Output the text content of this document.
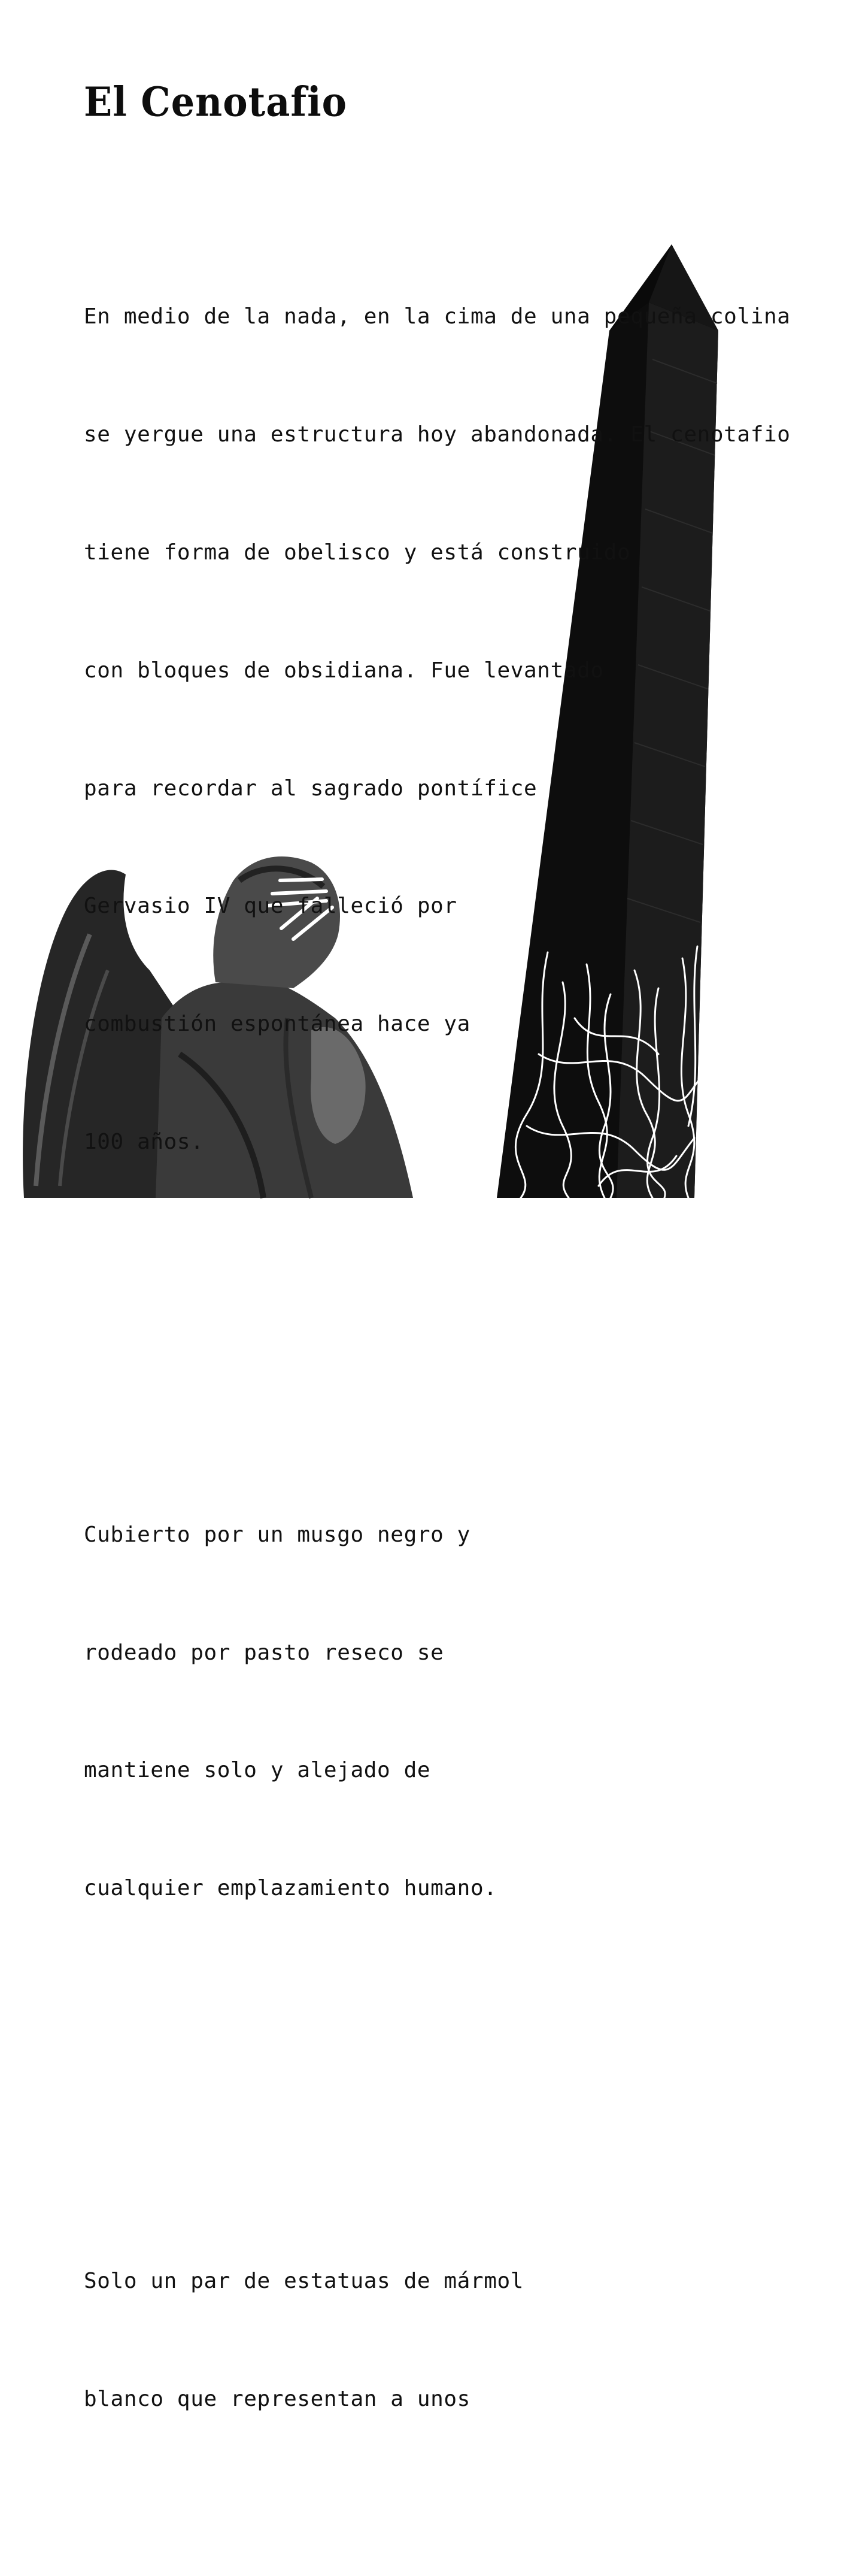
El Cenotafio

En medio de la nada, en la cima de una pequeña colina

se yergue una estructura hoy abandonada. El cenotafio

tiene forma de obelisco y está construido

con bloques de obsidiana. Fue levantado

para recordar al sagrado pontífice

Gervasio IV que falleció por

combustión espontánea hace ya

100 años.

Cubierto por un musgo negro y

rodeado por pasto reseco se

mantiene solo y alejado de

cualquier emplazamiento humano.

Solo un par de estatuas de mármol

blanco que representan a unos
